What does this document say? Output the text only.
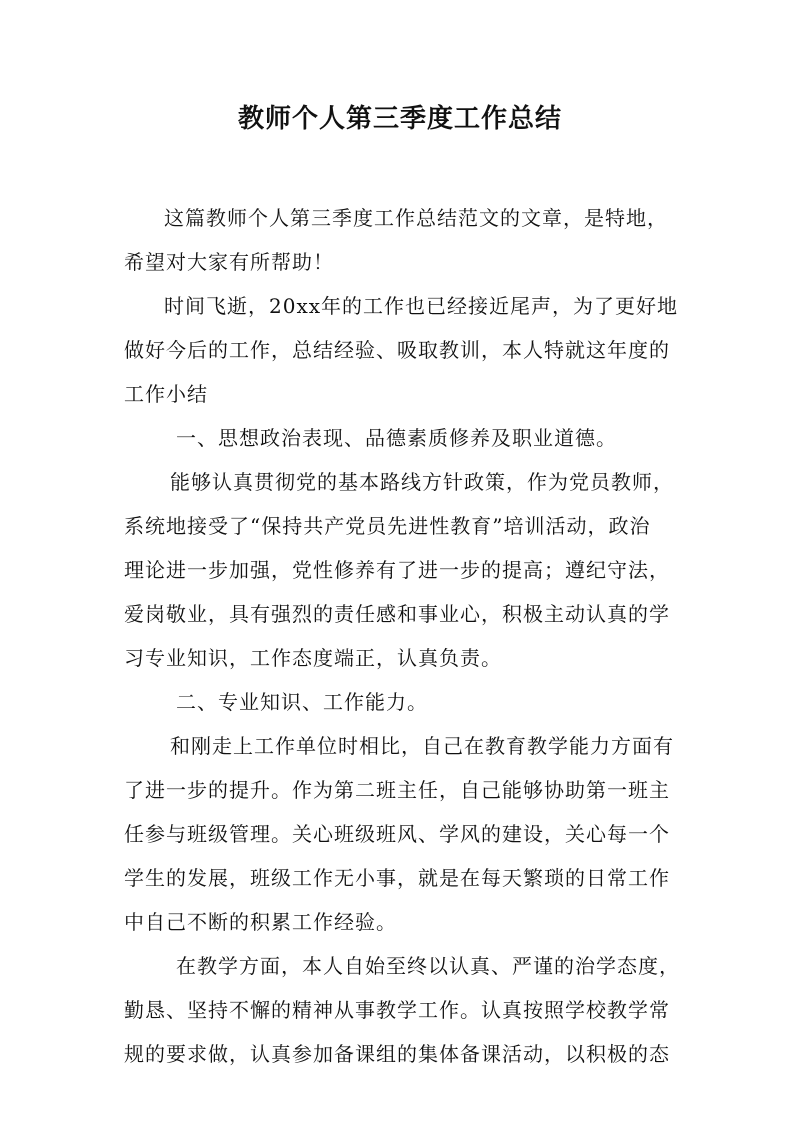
教师个人第三季度工作总结
这篇教师个人第三季度工作总结范文的文章，是特地，
希望对大家有所帮助！
时间飞逝，20xx年的工作也已经接近尾声，为了更好地
做好今后的工作，总结经验、吸取教训，本人特就这年度的
工作小结
一、思想政治表现、品德素质修养及职业道德。
能够认真贯彻党的基本路线方针政策，作为党员教师，
系统地接受了“保持共产党员先进性教育”培训活动，政治
理论进一步加强，党性修养有了进一步的提高；遵纪守法，
爱岗敬业，具有强烈的责任感和事业心，积极主动认真的学
习专业知识，工作态度端正，认真负责。
二、专业知识、工作能力。
和刚走上工作单位时相比，自己在教育教学能力方面有
了进一步的提升。作为第二班主任，自己能够协助第一班主
任参与班级管理。关心班级班风、学风的建设，关心每一个
学生的发展，班级工作无小事，就是在每天繁琐的日常工作
中自己不断的积累工作经验。
在教学方面，本人自始至终以认真、严谨的治学态度，
勤恳、坚持不懈的精神从事教学工作。认真按照学校教学常
规的要求做，认真参加备课组的集体备课活动，以积极的态
